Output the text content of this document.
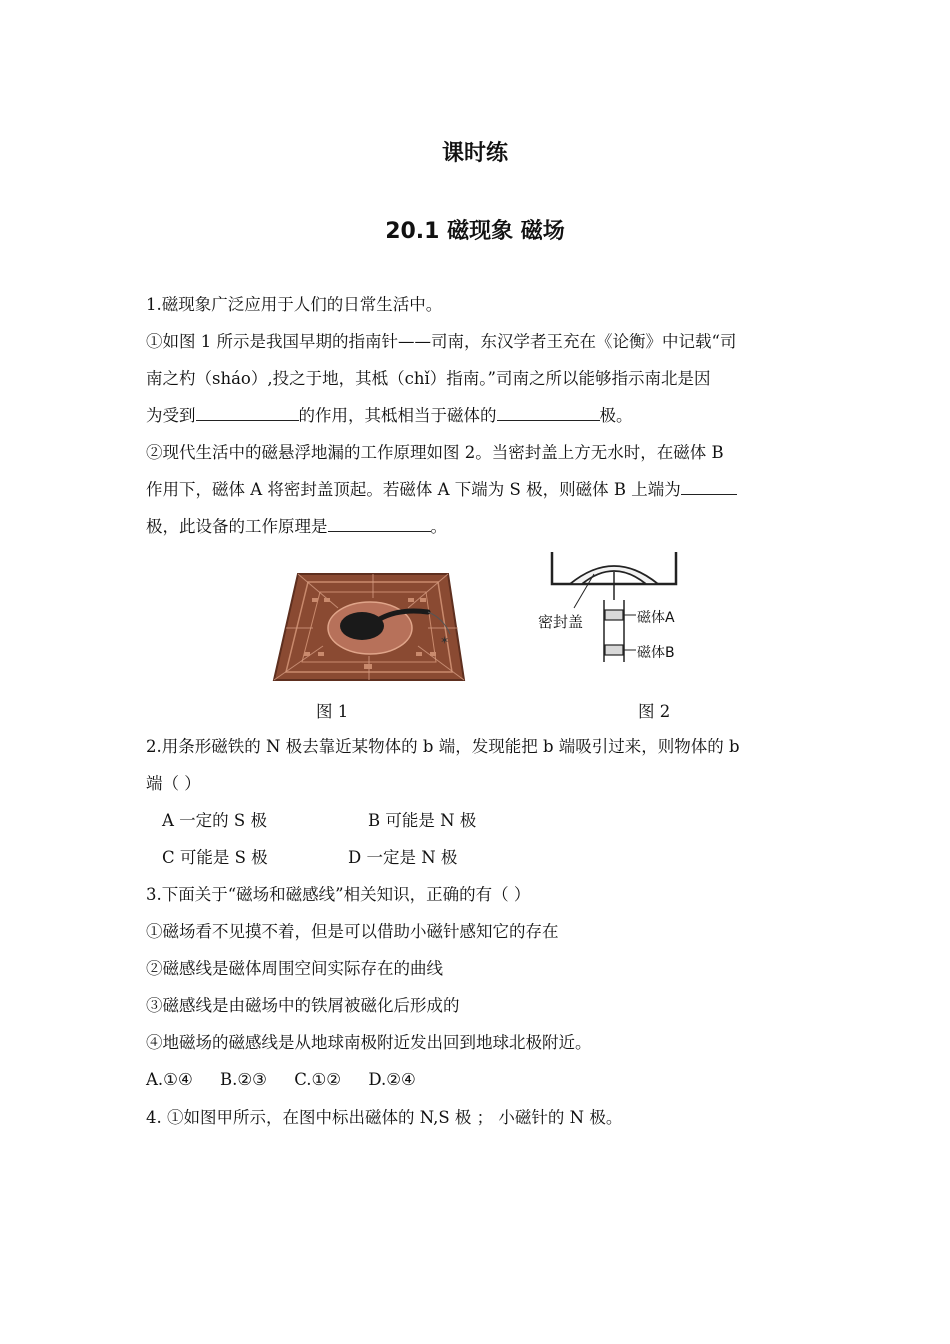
课时练
20.1 磁现象 磁场
1.磁现象广泛应用于人们的日常生活中。
①如图 1 所示是我国早期的指南针——司南，东汉学者王充在《论衡》中记载“司
南之杓（sháo）,投之于地，其柢（chǐ）指南。”司南之所以能够指示南北是因
为受到	的作用，其柢相当于磁体的	极。
②现代生活中的磁悬浮地漏的工作原理如图 2。当密封盖上方无水时，在磁体 B
作用下，磁体 A 将密封盖顶起。若磁体 A 下端为 S 极，则磁体 B 上端为
极，此设备的工作原理是	。
✶
图 1
密封盖	磁体A
磁体B
图 2
2.用条形磁铁的 N 极去靠近某物体的 b 端，发现能把 b 端吸引过来，则物体的 b
端（ ）
A 一定的 S 极	B 可能是 N 极
C 可能是 S 极	D 一定是 N 极
3.下面关于“磁场和磁感线”相关知识，正确的有（ ）
①磁场看不见摸不着，但是可以借助小磁针感知它的存在
②磁感线是磁体周围空间实际存在的曲线
③磁感线是由磁场中的铁屑被磁化后形成的
④地磁场的磁感线是从地球南极附近发出回到地球北极附近。
A.①④ B.②③ C.①② D.②④
4. ①如图甲所示，在图中标出磁体的 N,S 极 ； 小磁针的 N 极。
